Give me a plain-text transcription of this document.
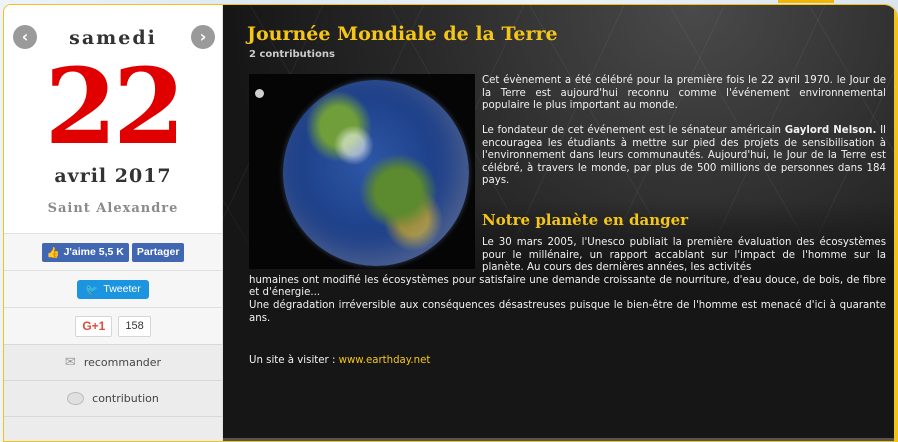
‹	›
samedi
22
avril 2017
Saint Alexandre
👍 J'aime 5,5 K	Partager
🐦 Tweeter
G+1	158
✉ recommander
contribution
Journée Mondiale de la Terre
2 contributions

Cet évènement a été célébré pour la première fois le 22 avril 1970. le Jour de la Terre est aujourd'hui reconnu comme l'événement environnemental populaire le plus important au monde.

Le fondateur de cet événement est le sénateur américain Gaylord Nelson. Il encouragea les étudiants à mettre sur pied des projets de sensibilisation à l'environnement dans leurs communautés. Aujourd'hui, le Jour de la Terre est célébré, à travers le monde, par plus de 500 millions de personnes dans 184 pays.

Notre planète en danger
Le 30 mars 2005, l'Unesco publiait la première évaluation des écosystèmes pour le millénaire, un rapport accablant sur l'impact de l'homme sur la planète. Au cours des dernières années, les activités
humaines ont modifié les écosystèmes pour satisfaire une demande croissante de nourriture, d'eau douce, de bois, de fibre et d'énergie...
Une dégradation irréversible aux conséquences désastreuses puisque le bien-être de l'homme est menacé d'ici à quarante ans.
Un site à visiter : www.earthday.net
